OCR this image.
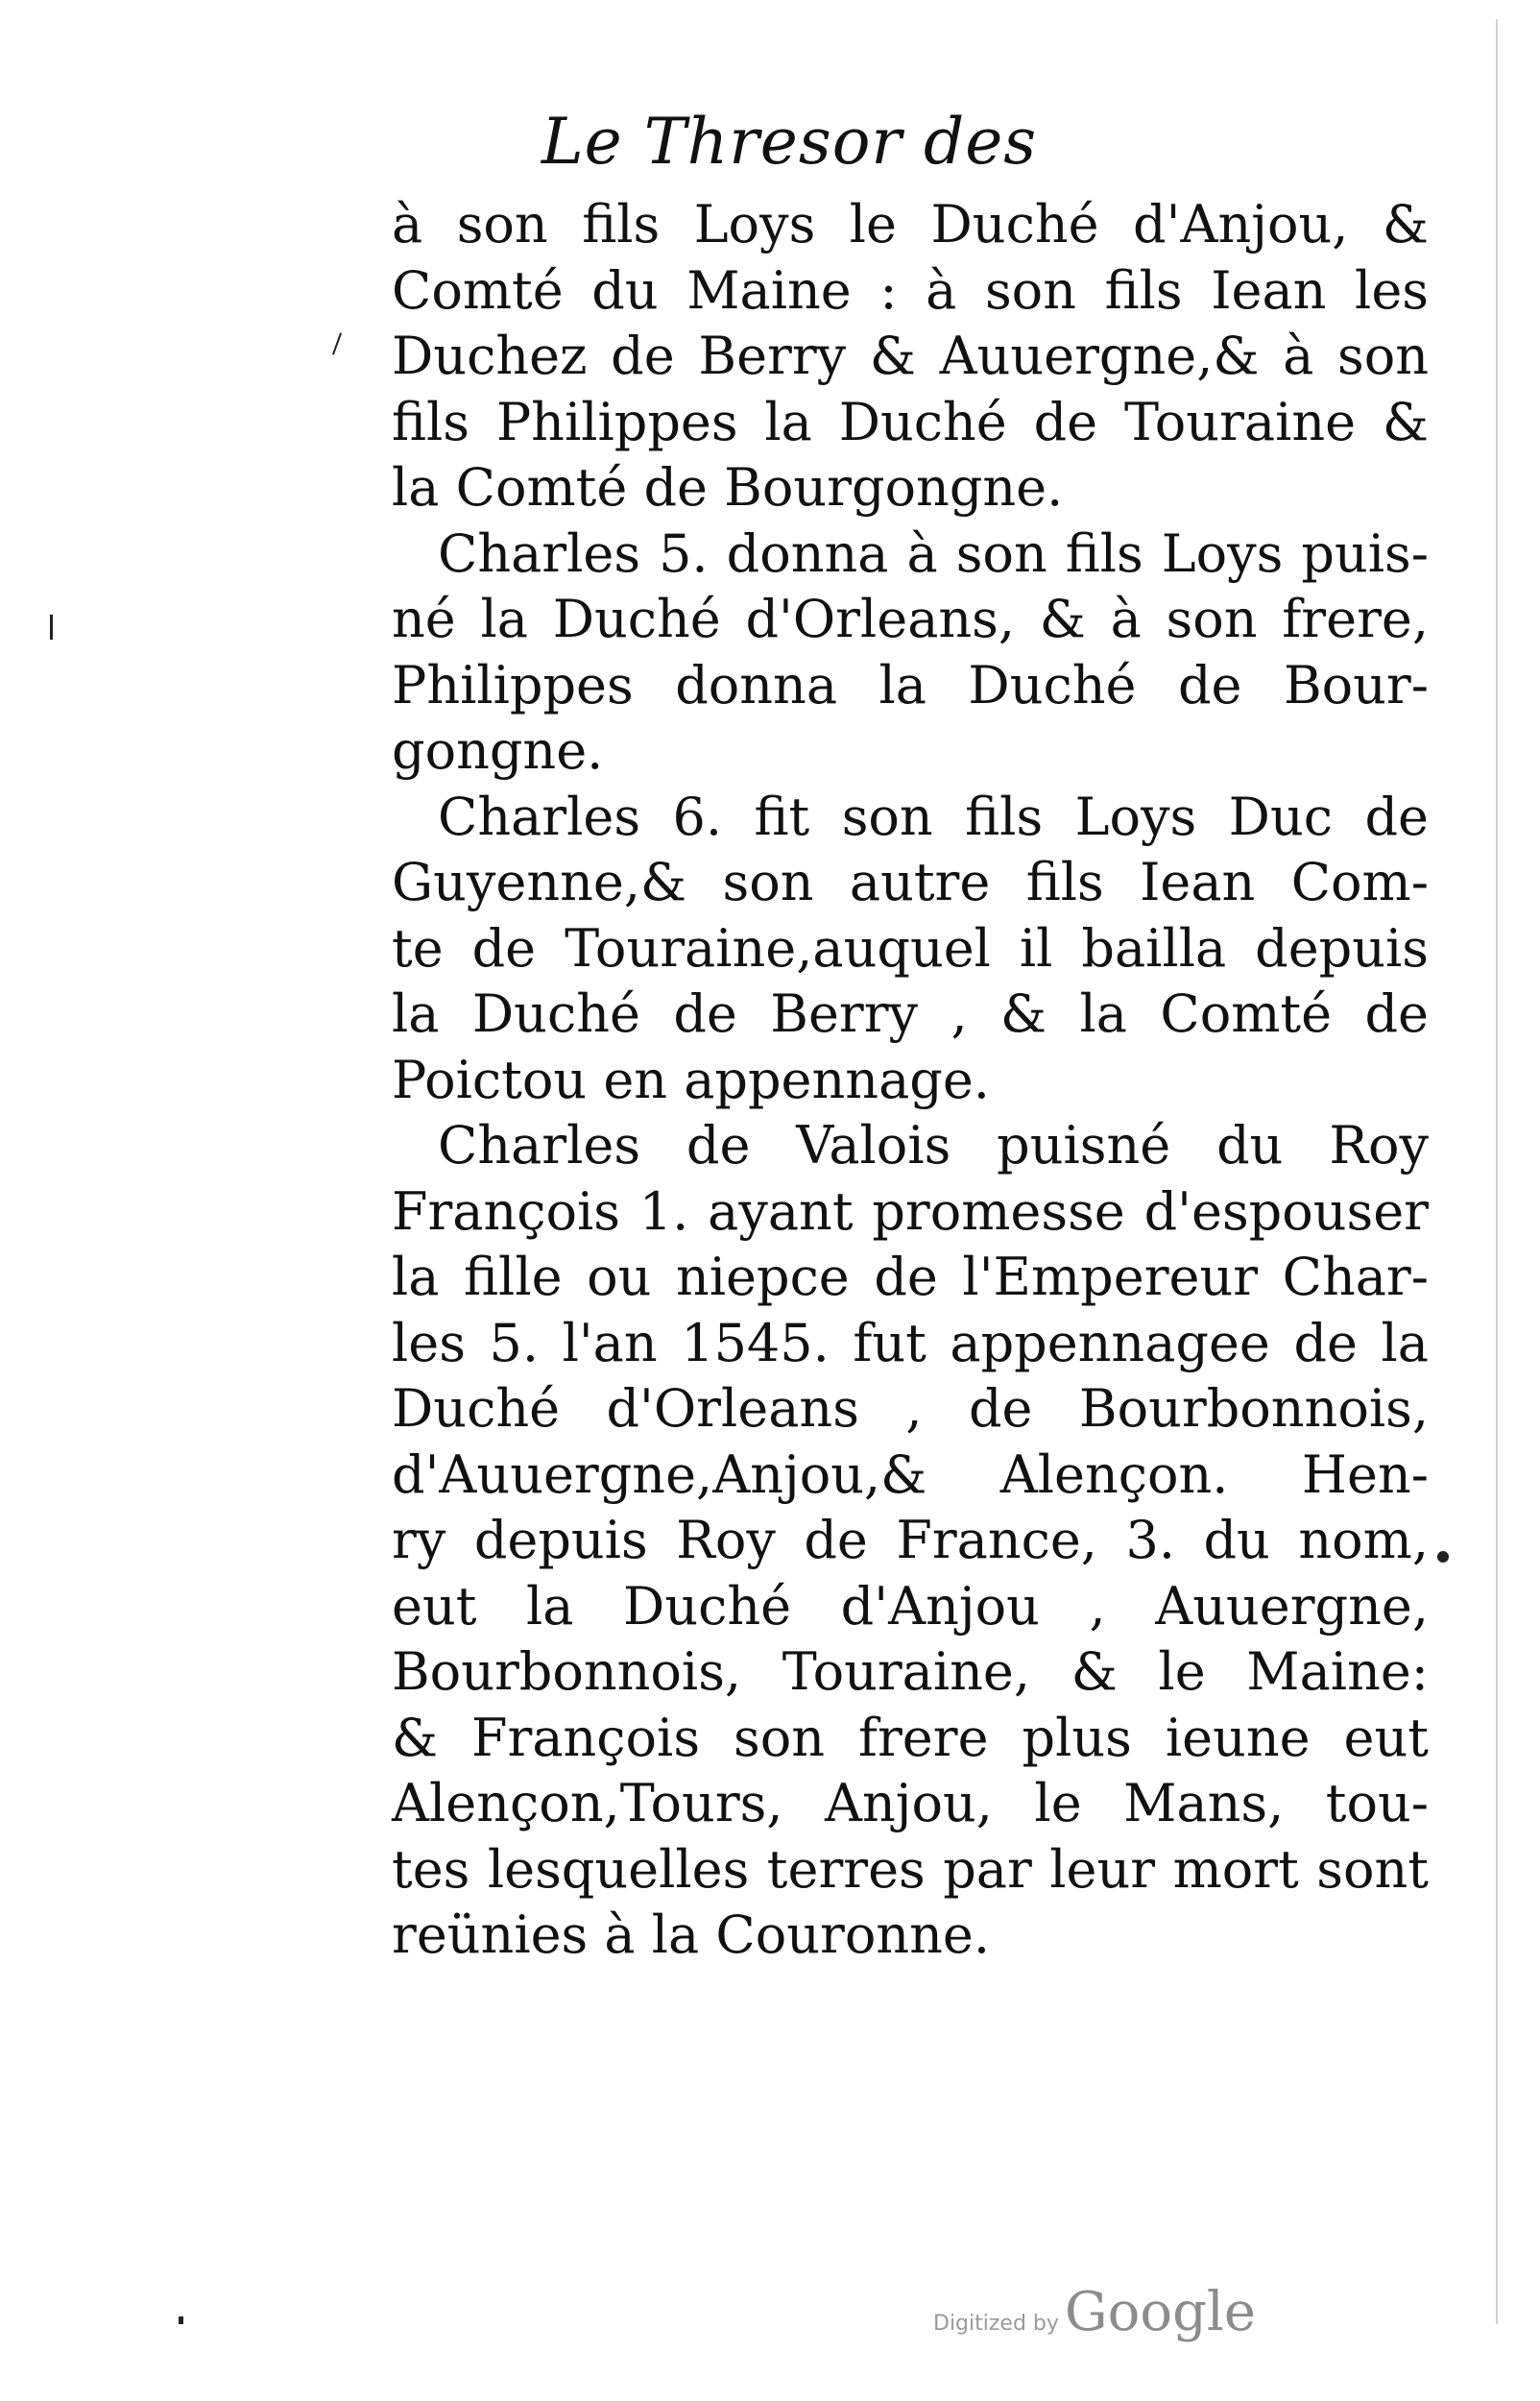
Le Thresor des
à son fils Loys le Duché d'Anjou, &
Comté du Maine : à son fils Iean les
Duchez de Berry & Auuergne,& à son
fils Philippes la Duché de Touraine &
la Comté de Bourgongne.
Charles 5. donna à son fils Loys puis-
né la Duché d'Orleans, & à son frere,
Philippes donna la Duché de Bour-
gongne.
Charles 6. fit son fils Loys Duc de
Guyenne,& son autre fils Iean Com-
te de Touraine,auquel il bailla depuis
la Duché de Berry , & la Comté de
Poictou en appennage.
Charles de Valois puisné du Roy
François 1. ayant promesse d'espouser
la fille ou niepce de l'Empereur Char-
les 5. l'an 1545. fut appennagee de la
Duché d'Orleans , de Bourbonnois,
d'Auuergne,Anjou,& Alençon. Hen-
ry depuis Roy de France, 3. du nom,
eut la Duché d'Anjou , Auuergne,
Bourbonnois, Touraine, & le Maine:
& François son frere plus ieune eut
Alençon,Tours, Anjou, le Mans, tou-
tes lesquelles terres par leur mort sont
reünies à la Couronne.
Digitized by Google
